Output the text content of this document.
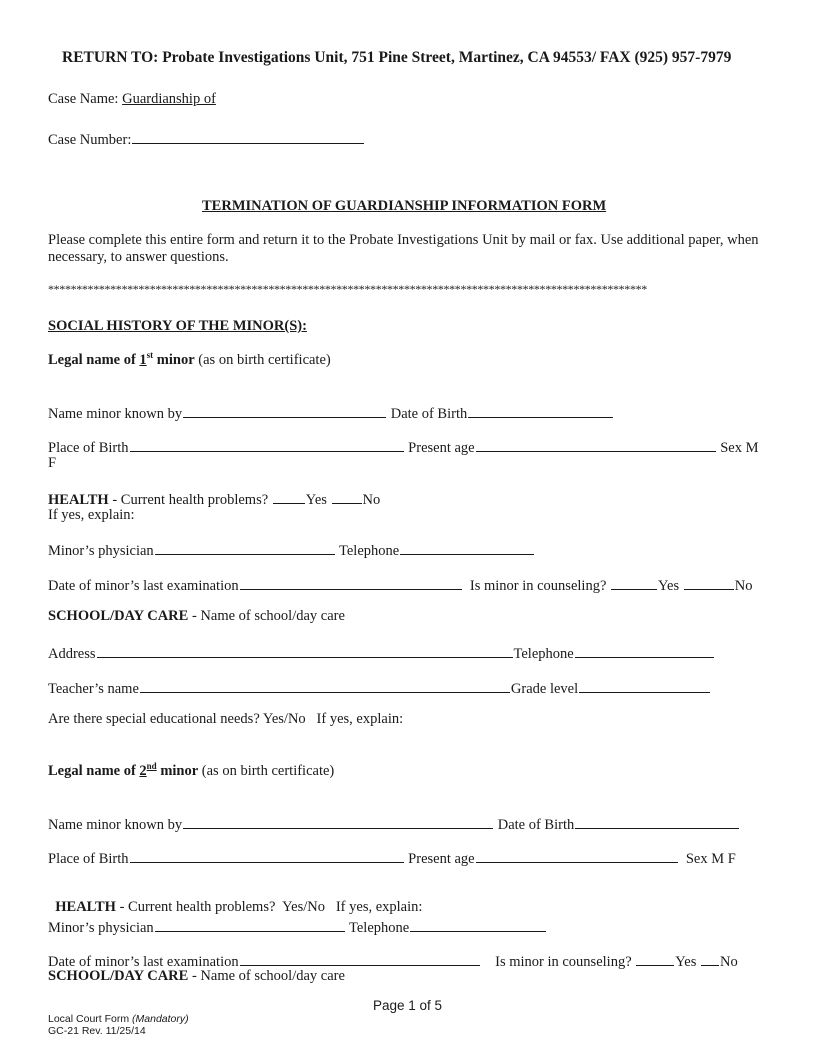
RETURN TO: Probate Investigations Unit, 751 Pine Street, Martinez, CA 94553/ FAX (925) 957-7979
Case Name: Guardianship of
Case Number:
TERMINATION OF GUARDIANSHIP INFORMATION FORM
Please complete this entire form and return it to the Probate Investigations Unit by mail or fax. Use additional paper, when necessary, to answer questions.
**********************************************************************************************************
SOCIAL HISTORY OF THE MINOR(S):
Legal name of 1st minor (as on birth certificate)
Name minor known by	Date of Birth
Place of Birth	Present age	Sex M
F
HEALTH - Current health problems? Yes No
If yes, explain:
Minor’s physician	Telephone
Date of minor’s last examination	Is minor in counseling?	Yes	No
SCHOOL/DAY CARE - Name of school/day care
Address	Telephone
Teacher’s name	Grade level
Are there special educational needs? Yes/No   If yes, explain:
Legal name of 2nd minor (as on birth certificate)
Name minor known by	Date of Birth
Place of Birth	Present age	Sex M F

HEALTH - Current health problems?  Yes/No   If yes, explain:

Minor’s physician	Telephone
Date of minor’s last examination	Is minor in counseling?	Yes No
SCHOOL/DAY CARE - Name of school/day care
Page 1 of 5
Local Court Form (Mandatory)
GC-21 Rev. 11/25/14
